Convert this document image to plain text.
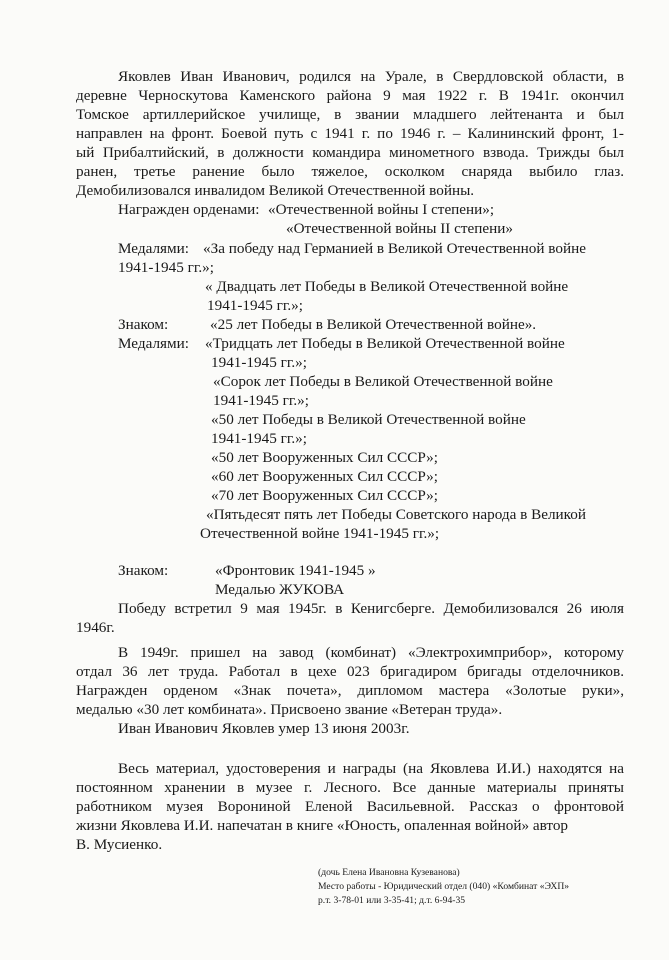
Яковлев Иван Иванович, родился на Урале, в Свердловской области, в
деревне Черноскутова Каменского района 9 мая 1922 г. В 1941г. окончил
Томское артиллерийское училище, в звании младшего лейтенанта и был
направлен на фронт. Боевой путь с 1941 г. по 1946 г. – Калининский фронт, 1-
ый Прибалтийский, в должности командира минометного взвода. Трижды был
ранен, третье ранение было тяжелое, осколком снаряда выбило глаз.
Демобилизовался инвалидом Великой Отечественной войны.
Награжден орденами: «Отечественной войны I степени»;
«Отечественной войны II степени»
Медалями: «За победу над Германией в Великой Отечественной войне
1941-1945 гг.»;
« Двадцать лет Победы в Великой Отечественной войне
1941-1945 гг.»;
Знаком:	«25 лет Победы в Великой Отечественной войне».
Медалями: «Тридцать лет Победы в Великой Отечественной войне
1941-1945 гг.»;
«Сорок лет Победы в Великой Отечественной войне
1941-1945 гг.»;
«50 лет Победы в Великой Отечественной войне
1941-1945 гг.»;
«50 лет Вооруженных Сил СССР»;
«60 лет Вооруженных Сил СССР»;
«70 лет Вооруженных Сил СССР»;
«Пятьдесят пять лет Победы Советского народа в Великой
Отечественной войне 1941-1945 гг.»;
Знаком:	«Фронтовик 1941-1945 »
Медалью ЖУКОВА
Победу встретил 9 мая 1945г. в Кенигсберге. Демобилизовался 26 июля
1946г.
В 1949г. пришел на завод (комбинат) «Электрохимприбор», которому
отдал 36 лет труда. Работал в цехе 023 бригадиром бригады отделочников.
Награжден орденом «Знак почета», дипломом мастера «Золотые руки»,
медалью «30 лет комбината». Присвоено звание «Ветеран труда».
Иван Иванович Яковлев умер 13 июня 2003г.
Весь материал, удостоверения и награды (на Яковлева И.И.) находятся на
постоянном хранении в музее г. Лесного. Все данные материалы приняты
работником музея Ворониной Еленой Васильевной. Рассказ о фронтовой
жизни Яковлева И.И. напечатан в книге «Юность, опаленная войной» автор
В. Мусиенко.
(дочь Елена Ивановна Кузеванова)
Место работы - Юридический отдел (040) «Комбинат «ЭХП»
р.т. 3-78-01 или 3-35-41; д.т. 6-94-35
